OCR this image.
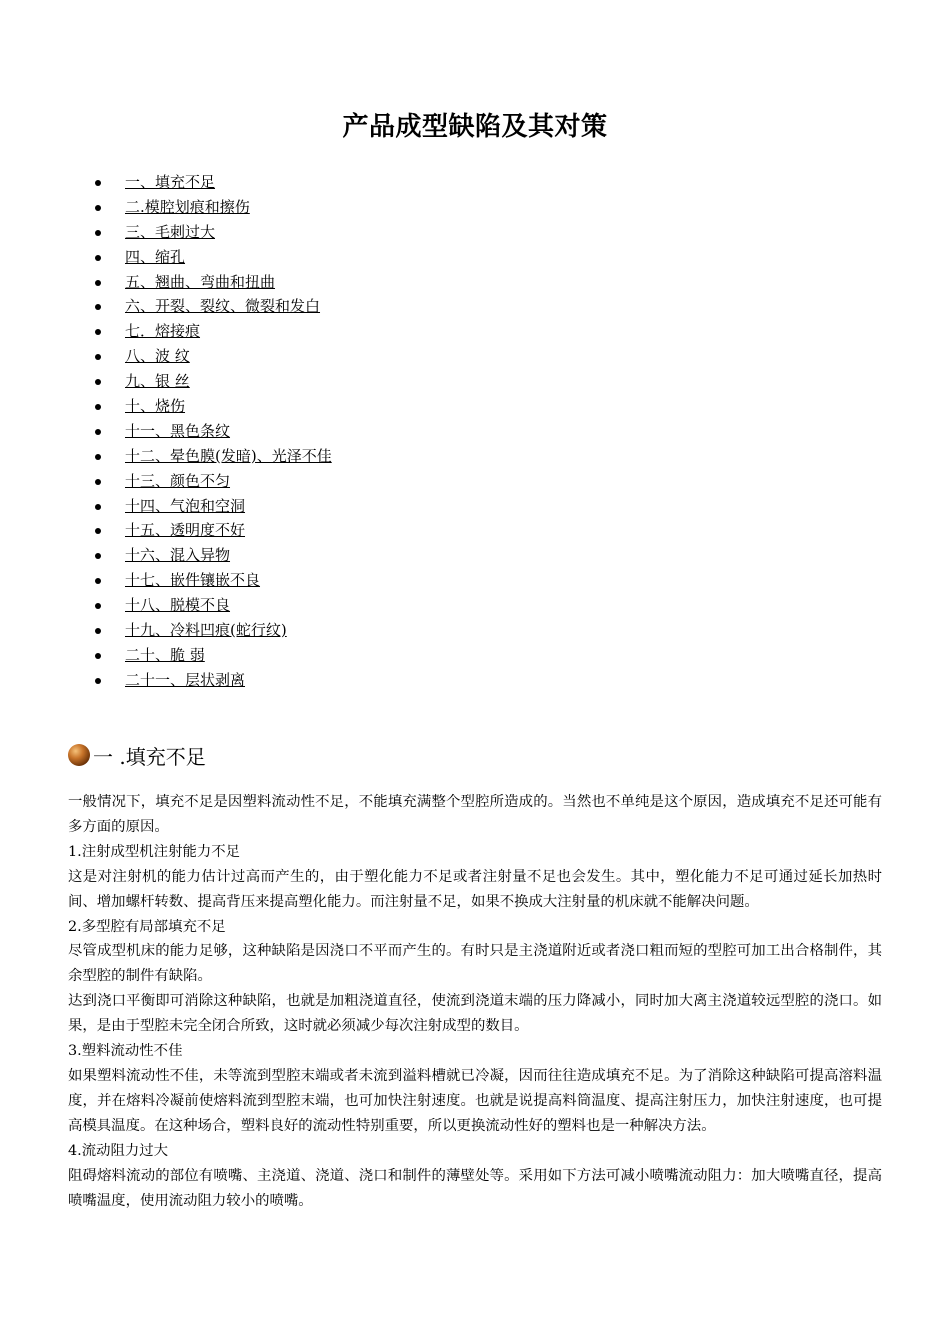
产品成型缺陷及其对策
一、填充不足
二.模腔划痕和擦伤
三、毛刺过大
四、缩孔
五、翘曲、弯曲和扭曲
六、开裂、裂纹、微裂和发白
七．熔接痕
八、波 纹
九、银 丝
十、烧伤
十一、黑色条纹
十二、晕色膜(发暗)、光泽不佳
十三、颜色不匀
十四、气泡和空洞
十五、透明度不好
十六、混入异物
十七、嵌件镶嵌不良
十八、脱模不良
十九、冷料凹痕(蛇行纹)
二十、脆 弱
二十一、层状剥离
一 .填充不足

一般情况下，填充不足是因塑料流动性不足，不能填充满整个型腔所造成的。当然也不单纯是这个原因，造成填充不足还可能有多方面的原因。

1.注射成型机注射能力不足

这是对注射机的能力估计过高而产生的，由于塑化能力不足或者注射量不足也会发生。其中，塑化能力不足可通过延长加热时间、增加螺杆转数、提高背压来提高塑化能力。而注射量不足，如果不换成大注射量的机床就不能解决问题。

2.多型腔有局部填充不足

尽管成型机床的能力足够，这种缺陷是因浇口不平而产生的。有时只是主浇道附近或者浇口粗而短的型腔可加工出合格制件，其余型腔的制件有缺陷。

达到浇口平衡即可消除这种缺陷，也就是加粗浇道直径，使流到浇道末端的压力降减小，同时加大离主浇道较远型腔的浇口。如果，是由于型腔未完全闭合所致，这时就必须减少每次注射成型的数目。

3.塑料流动性不佳

如果塑料流动性不佳，未等流到型腔末端或者未流到溢料槽就已冷凝，因而往往造成填充不足。为了消除这种缺陷可提高溶料温度，并在熔料冷凝前使熔料流到型腔末端，也可加快注射速度。也就是说提高料筒温度、提高注射压力，加快注射速度，也可提高模具温度。在这种场合，塑料良好的流动性特别重要，所以更换流动性好的塑料也是一种解决方法。

4.流动阻力过大

阻碍熔料流动的部位有喷嘴、主浇道、浇道、浇口和制件的薄壁处等。采用如下方法可减小喷嘴流动阻力：加大喷嘴直径，提高喷嘴温度，使用流动阻力较小的喷嘴。
